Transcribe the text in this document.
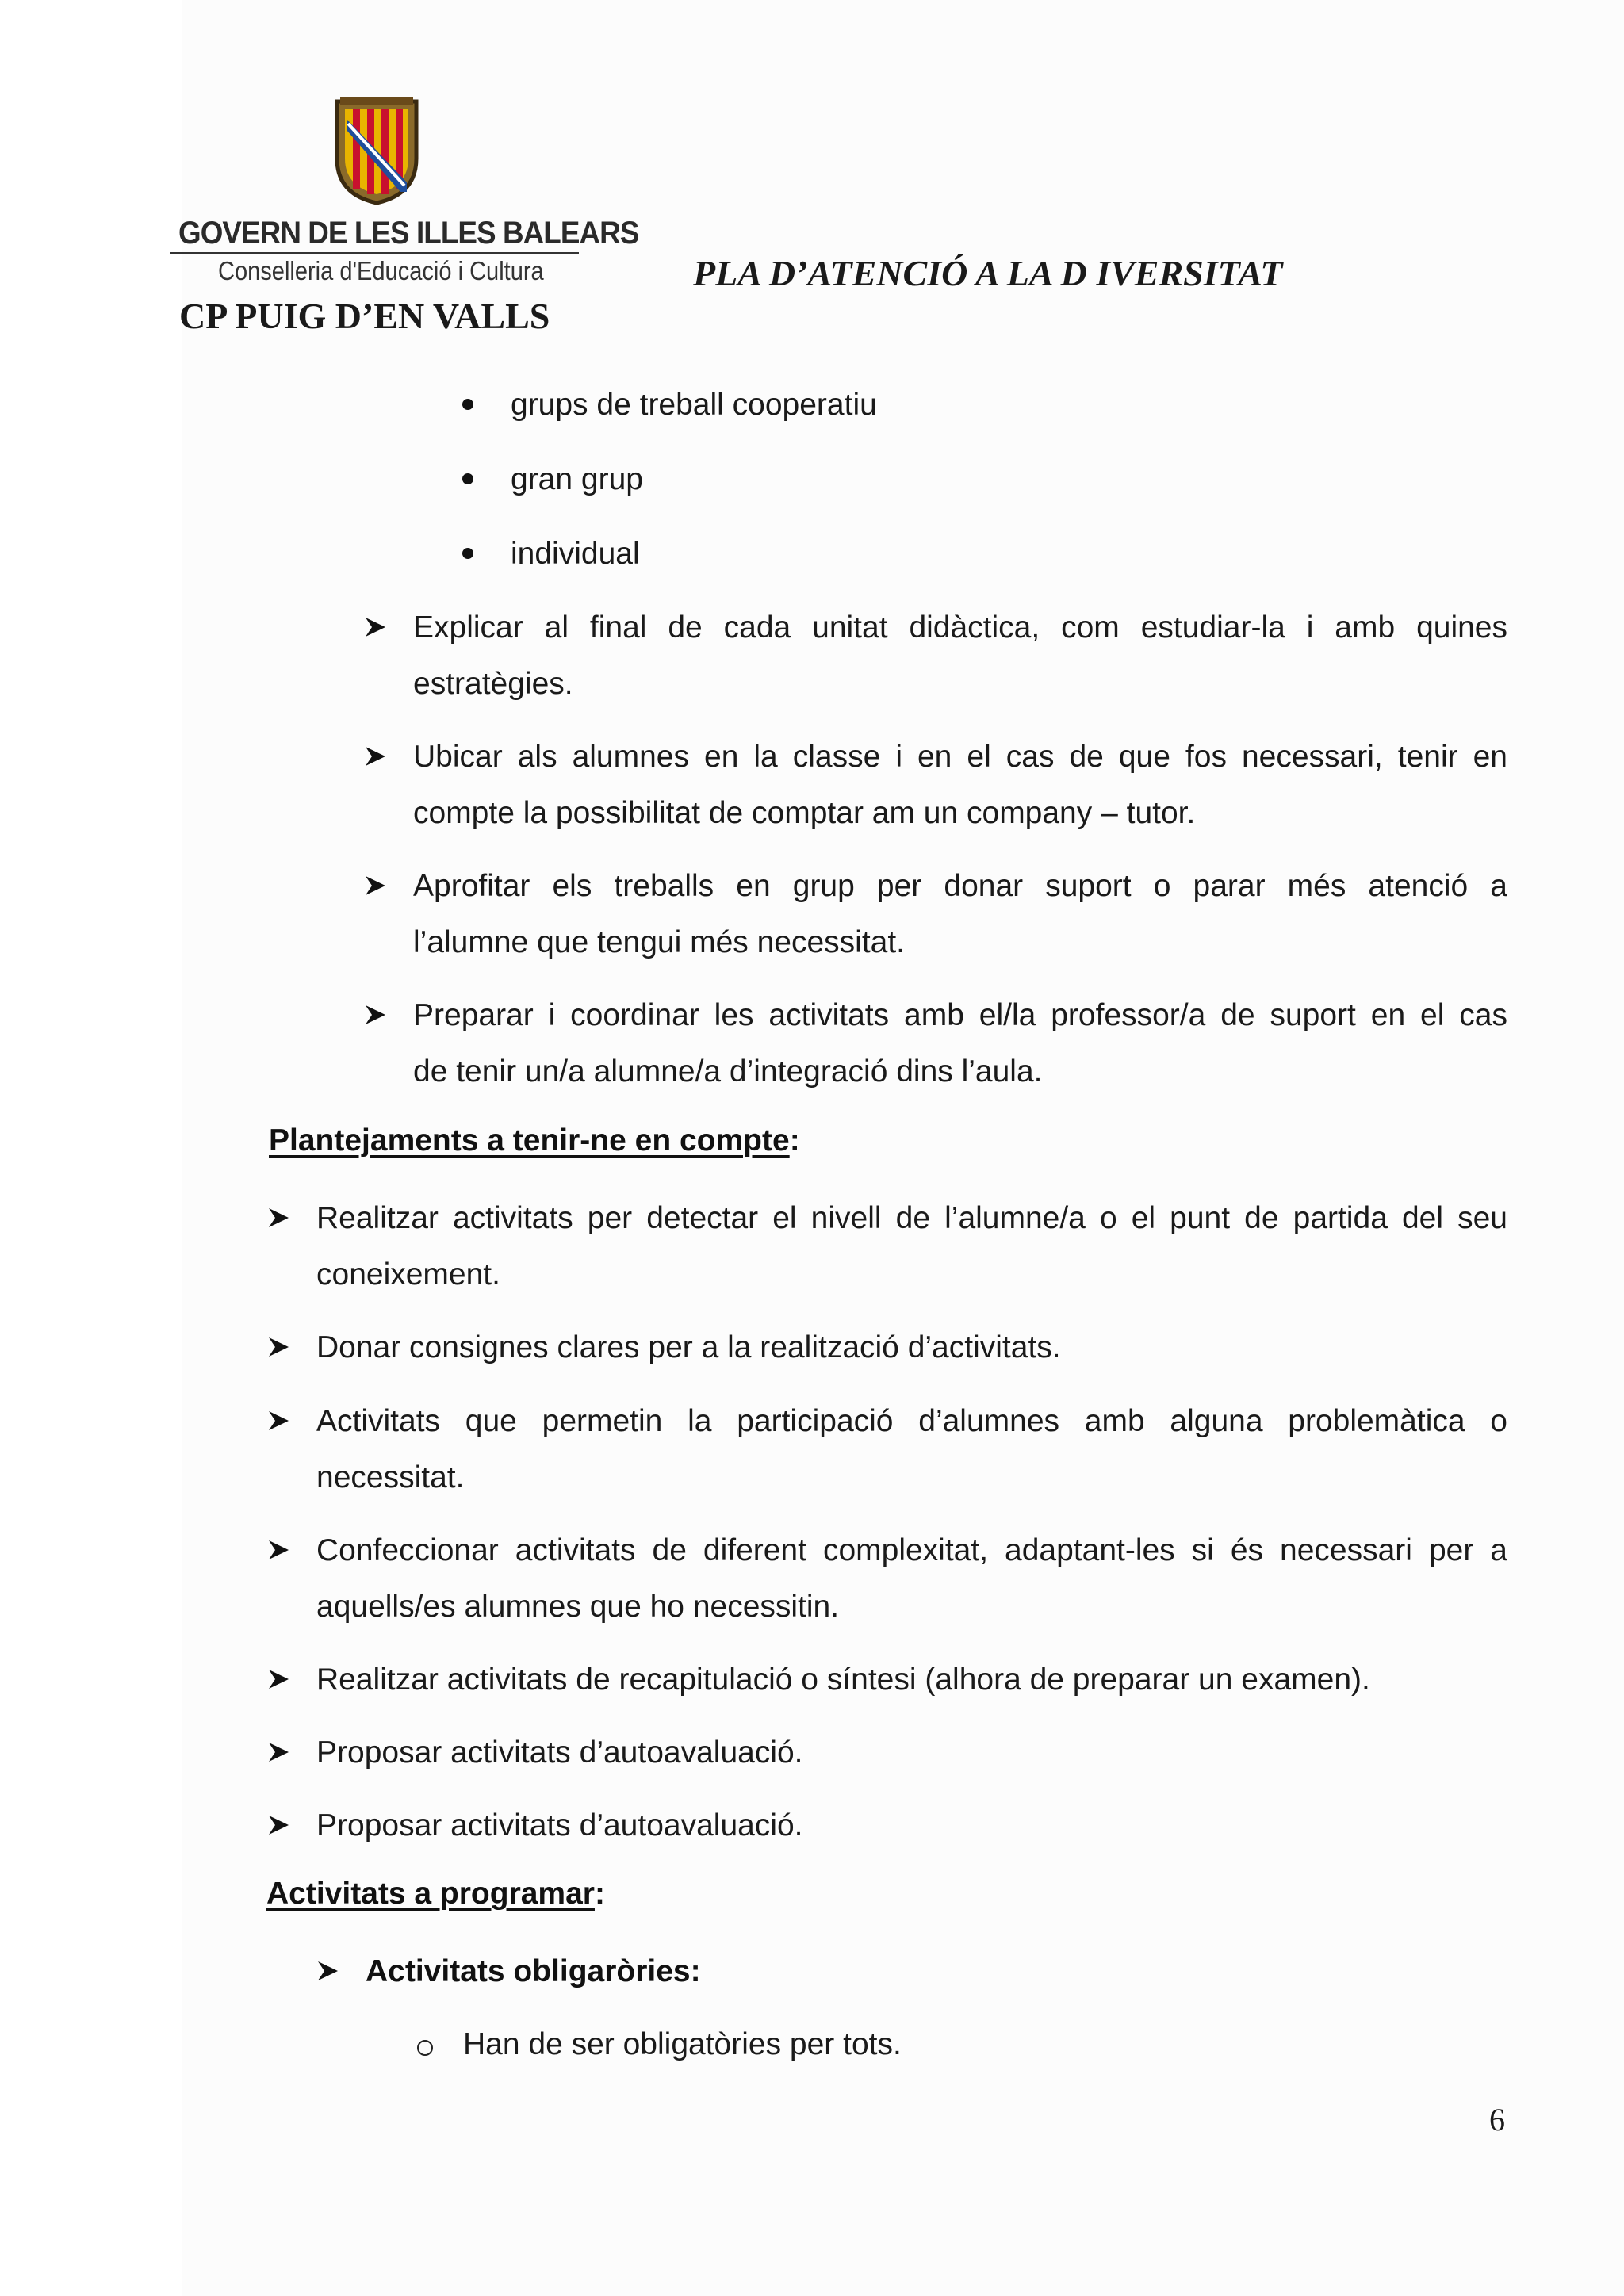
GOVERN DE LES ILLES BALEARS
Conselleria d'Educació i Cultura
CP PUIG D’EN VALLS
PLA D’ATENCIÓ A LA D IVERSITAT
grups de treball cooperatiu
gran grup
individual
Explicar al final de cada unitat didàctica, com estudiar-la i amb quines
estratègies.
Ubicar als alumnes en la classe i en el cas de que fos necessari, tenir en
compte la possibilitat de comptar am un company – tutor.
Aprofitar els treballs en grup per donar suport o parar més atenció a
l’alumne que tengui més necessitat.
Preparar i coordinar les activitats amb el/la professor/a de suport en el cas
de tenir un/a alumne/a d’integració dins l’aula.
Plantejaments a tenir-ne en compte:
Realitzar activitats per detectar el nivell de l’alumne/a o el punt de partida del seu
coneixement.
Donar consignes clares per a la realització d’activitats.
Activitats que permetin la participació d’alumnes amb alguna problemàtica o
necessitat.
Confeccionar activitats de diferent complexitat, adaptant-les si és necessari per a
aquells/es alumnes que ho necessitin.
Realitzar activitats de recapitulació o síntesi (alhora de preparar un examen).
Proposar activitats d’autoavaluació.
Proposar activitats d’autoavaluació.
Activitats a programar:
Activitats obligaròries:
Han de ser obligatòries per tots.
6
